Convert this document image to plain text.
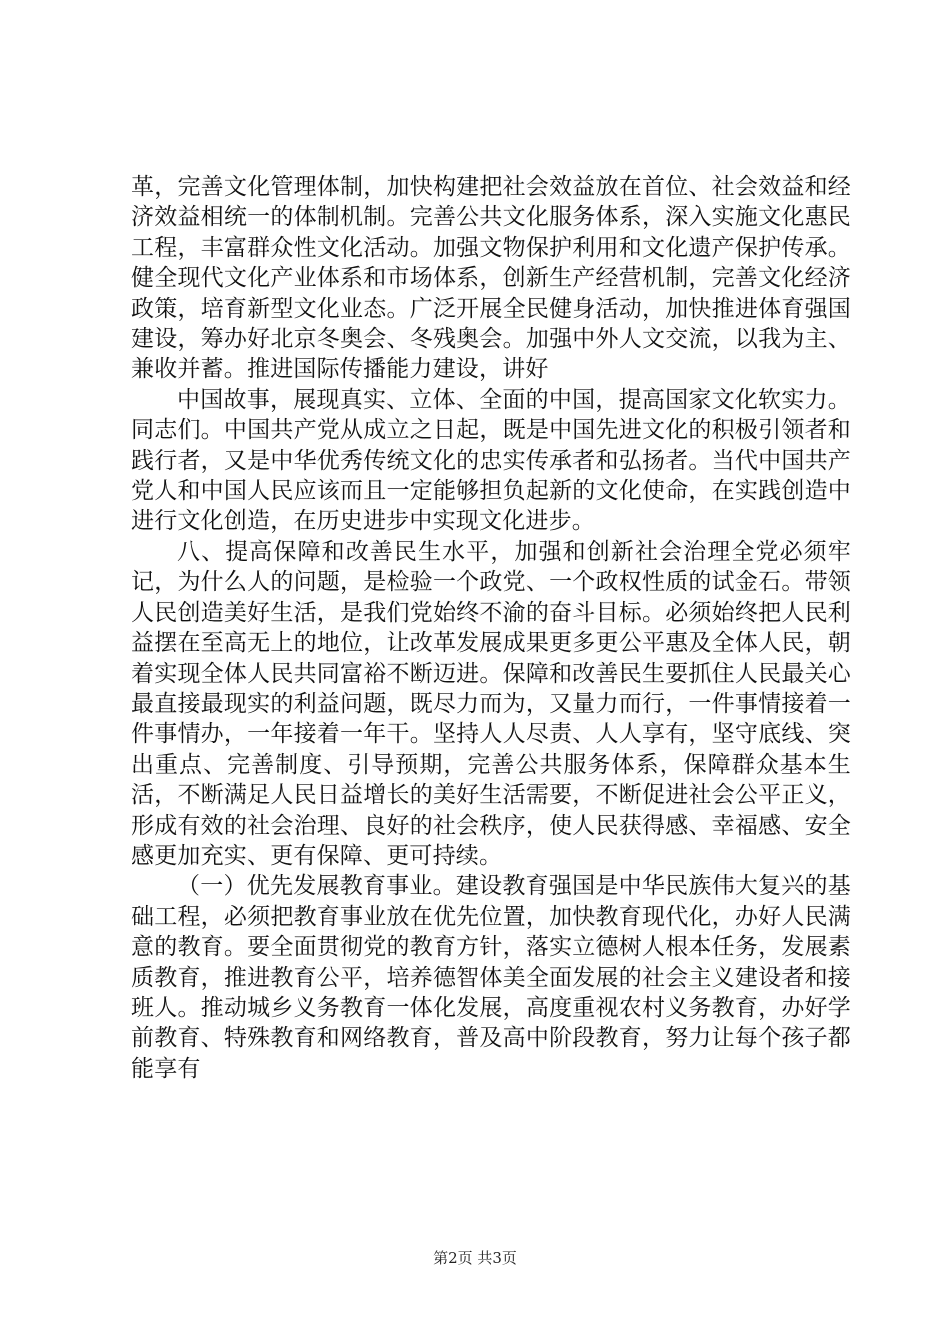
革，完善文化管理体制，加快构建把社会效益放在首位、社会效益和经济效益相统一的体制机制。完善公共文化服务体系，深入实施文化惠民工程，丰富群众性文化活动。加强文物保护利用和文化遗产保护传承。健全现代文化产业体系和市场体系，创新生产经营机制，完善文化经济政策，培育新型文化业态。广泛开展全民健身活动，加快推进体育强国建设，筹办好北京冬奥会、冬残奥会。加强中外人文交流，以我为主、兼收并蓄。推进国际传播能力建设，讲好

中国故事，展现真实、立体、全面的中国，提高国家文化软实力。同志们。中国共产党从成立之日起，既是中国先进文化的积极引领者和践行者，又是中华优秀传统文化的忠实传承者和弘扬者。当代中国共产党人和中国人民应该而且一定能够担负起新的文化使命，在实践创造中进行文化创造，在历史进步中实现文化进步。

八、提高保障和改善民生水平，加强和创新社会治理全党必须牢记，为什么人的问题，是检验一个政党、一个政权性质的试金石。带领人民创造美好生活，是我们党始终不渝的奋斗目标。必须始终把人民利益摆在至高无上的地位，让改革发展成果更多更公平惠及全体人民，朝着实现全体人民共同富裕不断迈进。保障和改善民生要抓住人民最关心最直接最现实的利益问题，既尽力而为，又量力而行，一件事情接着一件事情办，一年接着一年干。坚持人人尽责、人人享有，坚守底线、突出重点、完善制度、引导预期，完善公共服务体系，保障群众基本生活，不断满足人民日益增长的美好生活需要，不断促进社会公平正义，形成有效的社会治理、良好的社会秩序，使人民获得感、幸福感、安全感更加充实、更有保障、更可持续。

（一）优先发展教育事业。建设教育强国是中华民族伟大复兴的基础工程，必须把教育事业放在优先位置，加快教育现代化，办好人民满意的教育。要全面贯彻党的教育方针，落实立德树人根本任务，发展素质教育，推进教育公平，培养德智体美全面发展的社会主义建设者和接班人。推动城乡义务教育一体化发展，高度重视农村义务教育，办好学前教育、特殊教育和网络教育，普及高中阶段教育，努力让每个孩子都能享有

第2页 共3页
